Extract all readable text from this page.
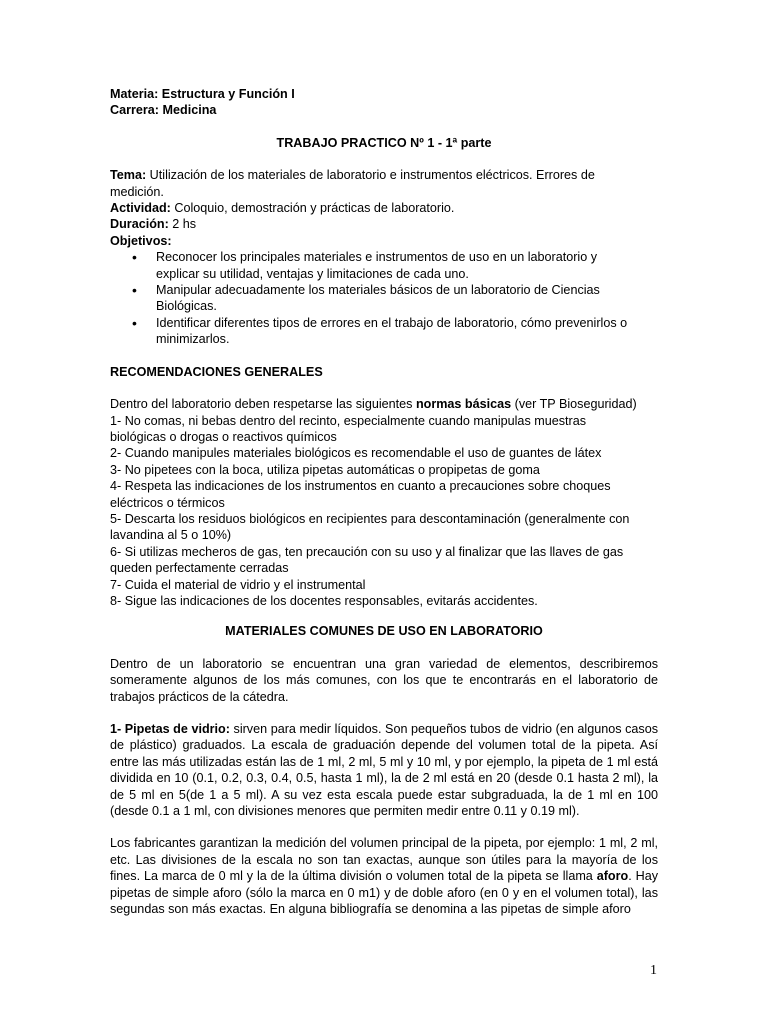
Materia: Estructura y Función I

Carrera: Medicina

TRABAJO PRACTICO Nº 1 - 1ª parte

Tema: Utilización de los materiales de laboratorio e instrumentos eléctricos. Errores de

medición.

Actividad: Coloquio, demostración y prácticas de laboratorio.

Duración: 2 hs

Objetivos:

• Reconocer los principales materiales e instrumentos de uso en un laboratorio y
explicar su utilidad, ventajas y limitaciones de cada uno.
• Manipular adecuadamente los materiales básicos de un laboratorio de Ciencias
Biológicas.
• Identificar diferentes tipos de errores en el trabajo de laboratorio, cómo prevenirlos o
minimizarlos.

RECOMENDACIONES GENERALES

Dentro del laboratorio deben respetarse las siguientes normas básicas (ver TP Bioseguridad)

1- No comas, ni bebas dentro del recinto, especialmente cuando manipulas muestras

biológicas o drogas o reactivos químicos

2- Cuando manipules materiales biológicos es recomendable el uso de guantes de látex

3- No pipetees con la boca, utiliza pipetas automáticas o propipetas de goma

4- Respeta las indicaciones de los instrumentos en cuanto a precauciones sobre choques

eléctricos o térmicos

5- Descarta los residuos biológicos en recipientes para descontaminación (generalmente con

lavandina al 5 o 10%)

6- Si utilizas mecheros de gas, ten precaución con su uso y al finalizar que las llaves de gas

queden perfectamente cerradas

7- Cuida el material de vidrio y el instrumental

8- Sigue las indicaciones de los docentes responsables, evitarás accidentes.

MATERIALES COMUNES DE USO EN LABORATORIO

Dentro de un laboratorio se encuentran una gran variedad de elementos, describiremos someramente algunos de los más comunes, con los que te encontrarás en el laboratorio de trabajos prácticos de la cátedra.

1- Pipetas de vidrio: sirven para medir líquidos. Son pequeños tubos de vidrio (en algunos casos de plástico) graduados. La escala de graduación depende del volumen total de la pipeta. Así entre las más utilizadas están las de 1 ml, 2 ml, 5 ml y 10 ml, y por ejemplo, la pipeta de 1 ml está dividida en 10 (0.1, 0.2, 0.3, 0.4, 0.5, hasta 1 ml), la de 2 ml está en 20 (desde 0.1 hasta 2 ml), la de 5 ml en 5(de 1 a 5 ml). A su vez esta escala puede estar subgraduada, la de 1 ml en 100 (desde 0.1 a 1 ml, con divisiones menores que permiten medir entre 0.11 y 0.19 ml).

Los fabricantes garantizan la medición del volumen principal de la pipeta, por ejemplo: 1 ml, 2 ml, etc. Las divisiones de la escala no son tan exactas, aunque son útiles para la mayoría de los fines. La marca de 0 ml y la de la última división o volumen total de la pipeta se llama aforo. Hay pipetas de simple aforo (sólo la marca en 0 m1) y de doble aforo (en 0 y en el volumen total), las segundas son más exactas. En alguna bibliografía se denomina a las pipetas de simple aforo

1
